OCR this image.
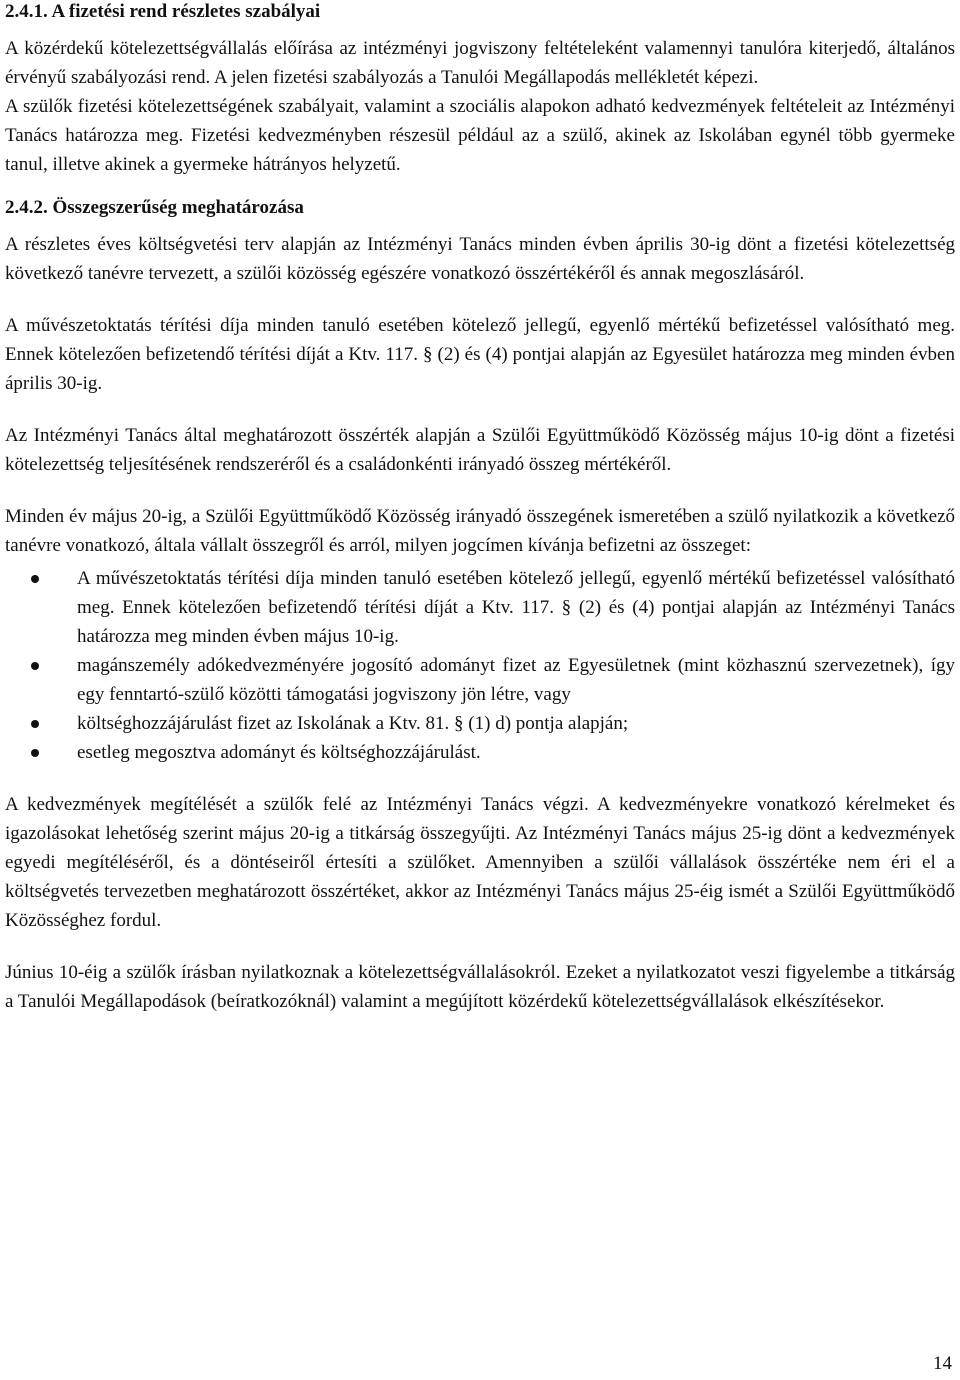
2.4.1. A fizetési rend részletes szabályai

A közérdekű kötelezettségvállalás előírása az intézményi jogviszony feltételeként valamennyi tanulóra kiterjedő, általános érvényű szabályozási rend. A jelen fizetési szabályozás a Tanulói Megállapodás mellékletét képezi.

A szülők fizetési kötelezettségének szabályait, valamint a szociális alapokon adható kedvezmények feltételeit az Intézményi Tanács határozza meg. Fizetési kedvezményben részesül például az a szülő, akinek az Iskolában egynél több gyermeke tanul, illetve akinek a gyermeke hátrányos helyzetű.

2.4.2. Összegszerűség meghatározása

A részletes éves költségvetési terv alapján az Intézményi Tanács minden évben április 30-ig dönt a fizetési kötelezettség következő tanévre tervezett, a szülői közösség egészére vonatkozó összértékéről és annak megoszlásáról.

A művészetoktatás térítési díja minden tanuló esetében kötelező jellegű, egyenlő mértékű befizetéssel valósítható meg. Ennek kötelezően befizetendő térítési díját a Ktv. 117. § (2) és (4) pontjai alapján az Egyesület határozza meg minden évben április 30-ig.

Az Intézményi Tanács által meghatározott összérték alapján a Szülői Együttműködő Közösség május 10-ig dönt a fizetési kötelezettség teljesítésének rendszeréről és a családonkénti irányadó összeg mértékéről.

Minden év május 20-ig, a Szülői Együttműködő Közösség irányadó összegének ismeretében a szülő nyilatkozik a következő tanévre vonatkozó, általa vállalt összegről és arról, milyen jogcímen kívánja befizetni az összeget:

A művészetoktatás térítési díja minden tanuló esetében kötelező jellegű, egyenlő mértékű befizetéssel valósítható meg. Ennek kötelezően befizetendő térítési díját a Ktv. 117. § (2) és (4) pontjai alapján az Intézményi Tanács határozza meg minden évben május 10-ig.
magánszemély adókedvezményére jogosító adományt fizet az Egyesületnek (mint közhasznú szervezetnek), így egy fenntartó-szülő közötti támogatási jogviszony jön létre, vagy
költséghozzájárulást fizet az Iskolának a Ktv. 81. § (1) d) pontja alapján;
esetleg megosztva adományt és költséghozzájárulást.

A kedvezmények megítélését a szülők felé az Intézményi Tanács végzi. A kedvezményekre vonatkozó kérelmeket és igazolásokat lehetőség szerint május 20-ig a titkárság összegyűjti. Az Intézményi Tanács május 25-ig dönt a kedvezmények egyedi megítéléséről, és a döntéseiről értesíti a szülőket. Amennyiben a szülői vállalások összértéke nem éri el a költségvetés tervezetben meghatározott összértéket, akkor az Intézményi Tanács május 25-éig ismét a Szülői Együttműködő Közösséghez fordul.

Június 10-éig a szülők írásban nyilatkoznak a kötelezettségvállalásokról. Ezeket a nyilatkozatot veszi figyelembe a titkárság a Tanulói Megállapodások (beíratkozóknál) valamint a megújított közérdekű kötelezettségvállalások elkészítésekor.

14
